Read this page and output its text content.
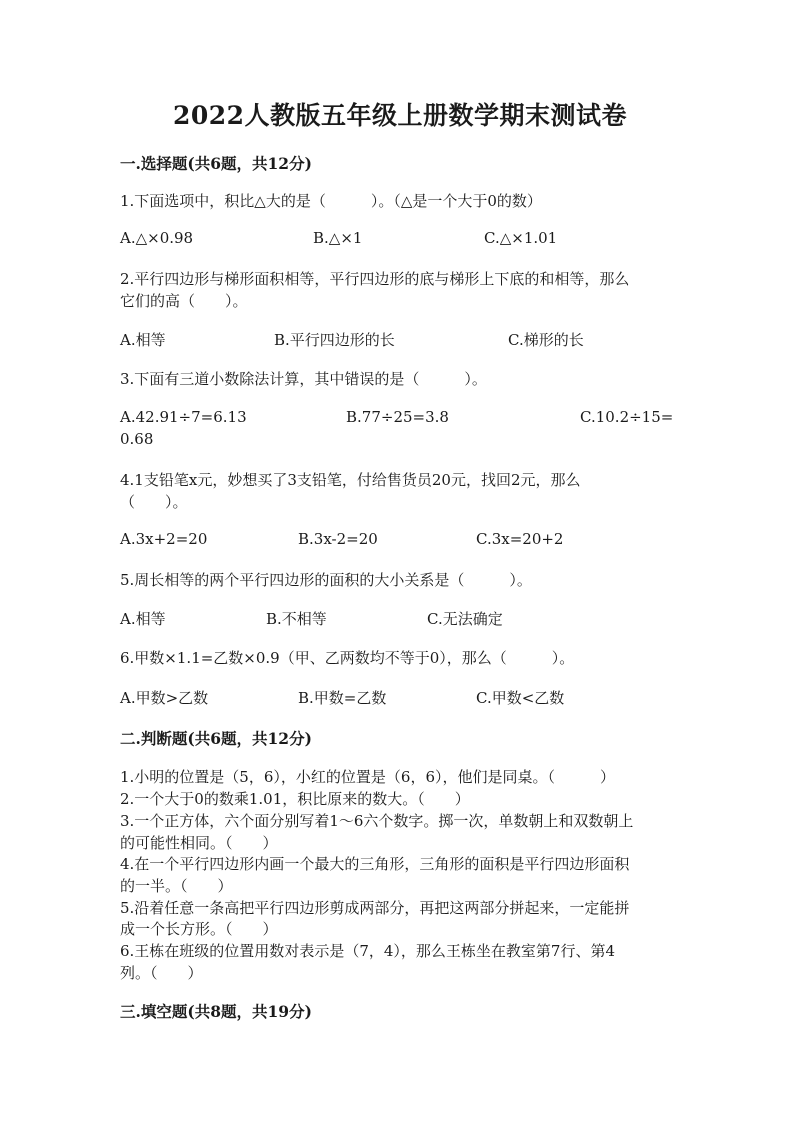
2022人教版五年级上册数学期末测试卷
一.选择题(共6题，共12分)
1.下面选项中，积比△大的是（　　　）。（△是一个大于0的数）
A.△×0.98	B.△×1	C.△×1.01
2.平行四边形与梯形面积相等，平行四边形的底与梯形上下底的和相等，那么
它们的高（　　）。
A.相等	B.平行四边形的长	C.梯形的长
3.下面有三道小数除法计算，其中错误的是（　　　）。
A.42.91÷7=6.13	B.77÷25=3.8	C.10.2÷15=
0.68
4.1支铅笔x元，妙想买了3支铅笔，付给售货员20元，找回2元，那么
（　　）。
A.3x+2=20	B.3x-2=20	C.3x=20+2
5.周长相等的两个平行四边形的面积的大小关系是（　　　）。
A.相等	B.不相等	C.无法确定
6.甲数×1.1=乙数×0.9（甲、乙两数均不等于0），那么（　　　）。
A.甲数>乙数	B.甲数=乙数	C.甲数<乙数
二.判断题(共6题，共12分)
1.小明的位置是（5，6），小红的位置是（6，6），他们是同桌。（　　　）
2.一个大于0的数乘1.01，积比原来的数大。（　　）
3.一个正方体，六个面分别写着1～6六个数字。掷一次，单数朝上和双数朝上
的可能性相同。（　　）
4.在一个平行四边形内画一个最大的三角形，三角形的面积是平行四边形面积
的一半。（　　）
5.沿着任意一条高把平行四边形剪成两部分，再把这两部分拼起来，一定能拼
成一个长方形。（　　）
6.王栋在班级的位置用数对表示是（7，4），那么王栋坐在教室第7行、第4
列。（　　）
三.填空题(共8题，共19分)
